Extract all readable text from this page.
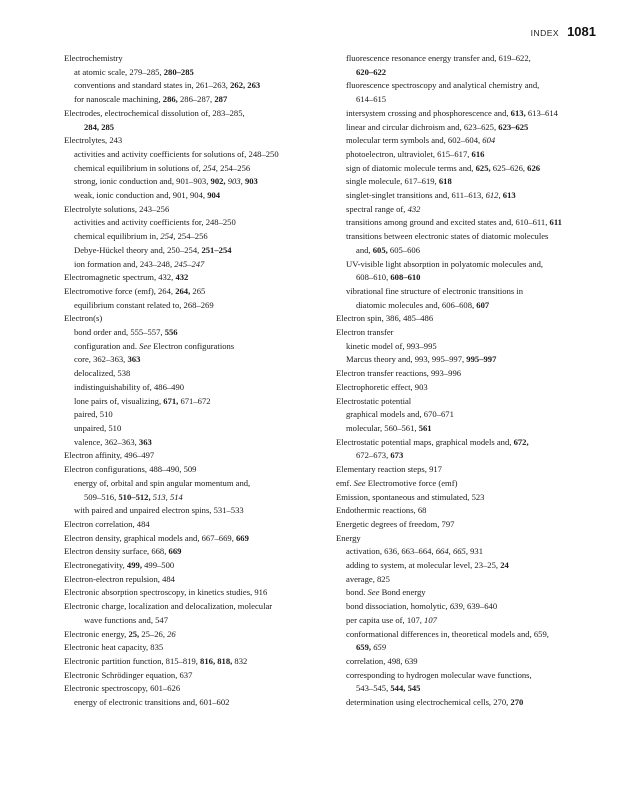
INDEX 1081
Electrochemistry
at atomic scale, 279–285, 280–285
conventions and standard states in, 261–263, 262, 263
for nanoscale machining, 286, 286–287, 287
Electrodes, electrochemical dissolution of, 283–285,
284, 285
Electrolytes, 243
activities and activity coefficients for solutions of, 248–250
chemical equilibrium in solutions of, 254, 254–256
strong, ionic conduction and, 901–903, 902, 903, 903
weak, ionic conduction and, 901, 904, 904
Electrolyte solutions, 243–256
activities and activity coefficients for, 248–250
chemical equilibrium in, 254, 254–256
Debye-Hückel theory and, 250–254, 251–254
ion formation and, 243–248, 245–247
Electromagnetic spectrum, 432, 432
Electromotive force (emf), 264, 264, 265
equilibrium constant related to, 268–269
Electron(s)
bond order and, 555–557, 556
configuration and. See Electron configurations
core, 362–363, 363
delocalized, 538
indistinguishability of, 486–490
lone pairs of, visualizing, 671, 671–672
paired, 510
unpaired, 510
valence, 362–363, 363
Electron affinity, 496–497
Electron configurations, 488–490, 509
energy of, orbital and spin angular momentum and,
509–516, 510–512, 513, 514
with paired and unpaired electron spins, 531–533
Electron correlation, 484
Electron density, graphical models and, 667–669, 669
Electron density surface, 668, 669
Electronegativity, 499, 499–500
Electron-electron repulsion, 484
Electronic absorption spectroscopy, in kinetics studies, 916
Electronic charge, localization and delocalization, molecular
wave functions and, 547
Electronic energy, 25, 25–26, 26
Electronic heat capacity, 835
Electronic partition function, 815–819, 816, 818, 832
Electronic Schrödinger equation, 637
Electronic spectroscopy, 601–626
energy of electronic transitions and, 601–602
fluorescence resonance energy transfer and, 619–622,
620–622
fluorescence spectroscopy and analytical chemistry and,
614–615
intersystem crossing and phosphorescence and, 613, 613–614
linear and circular dichroism and, 623–625, 623–625
molecular term symbols and, 602–604, 604
photoelectron, ultraviolet, 615–617, 616
sign of diatomic molecule terms and, 625, 625–626, 626
single molecule, 617–619, 618
singlet-singlet transitions and, 611–613, 612, 613
spectral range of, 432
transitions among ground and excited states and, 610–611, 611
transitions between electronic states of diatomic molecules
and, 605, 605–606
UV-visible light absorption in polyatomic molecules and,
608–610, 608–610
vibrational fine structure of electronic transitions in
diatomic molecules and, 606–608, 607
Electron spin, 386, 485–486
Electron transfer
kinetic model of, 993–995
Marcus theory and, 993, 995–997, 995–997
Electron transfer reactions, 993–996
Electrophoretic effect, 903
Electrostatic potential
graphical models and, 670–671
molecular, 560–561, 561
Electrostatic potential maps, graphical models and, 672,
672–673, 673
Elementary reaction steps, 917
emf. See Electromotive force (emf)
Emission, spontaneous and stimulated, 523
Endothermic reactions, 68
Energetic degrees of freedom, 797
Energy
activation, 636, 663–664, 664, 665, 931
adding to system, at molecular level, 23–25, 24
average, 825
bond. See Bond energy
bond dissociation, homolytic, 639, 639–640
per capita use of, 107, 107
conformational differences in, theoretical models and, 659,
659, 659
correlation, 498, 639
corresponding to hydrogen molecular wave functions,
543–545, 544, 545
determination using electrochemical cells, 270, 270
